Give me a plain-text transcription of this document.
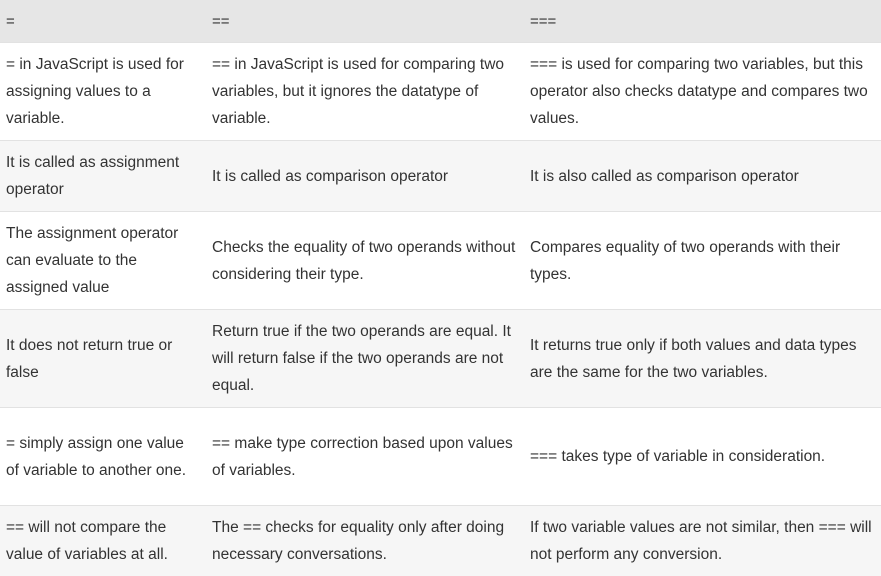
=	==	===
= in JavaScript is used for assigning values to a variable.	== in JavaScript is used for comparing two variables, but it ignores the datatype of variable.	=== is used for comparing two variables, but this operator also checks datatype and compares two values.
It is called as assignment operator	It is called as comparison operator	It is also called as comparison operator
The assignment operator can evaluate to the assigned value	Checks the equality of two operands without considering their type.	Compares equality of two operands with their types.
It does not return true or false	Return true if the two operands are equal. It will return false if the two operands are not equal.	It returns true only if both values and data types are the same for the two variables.
= simply assign one value of variable to another one.	== make type correction based upon values of variables.	=== takes type of variable in consideration.
== will not compare the value of variables at all.	The == checks for equality only after doing necessary conversations.	If two variable values are not similar, then === will not perform any conversion.
